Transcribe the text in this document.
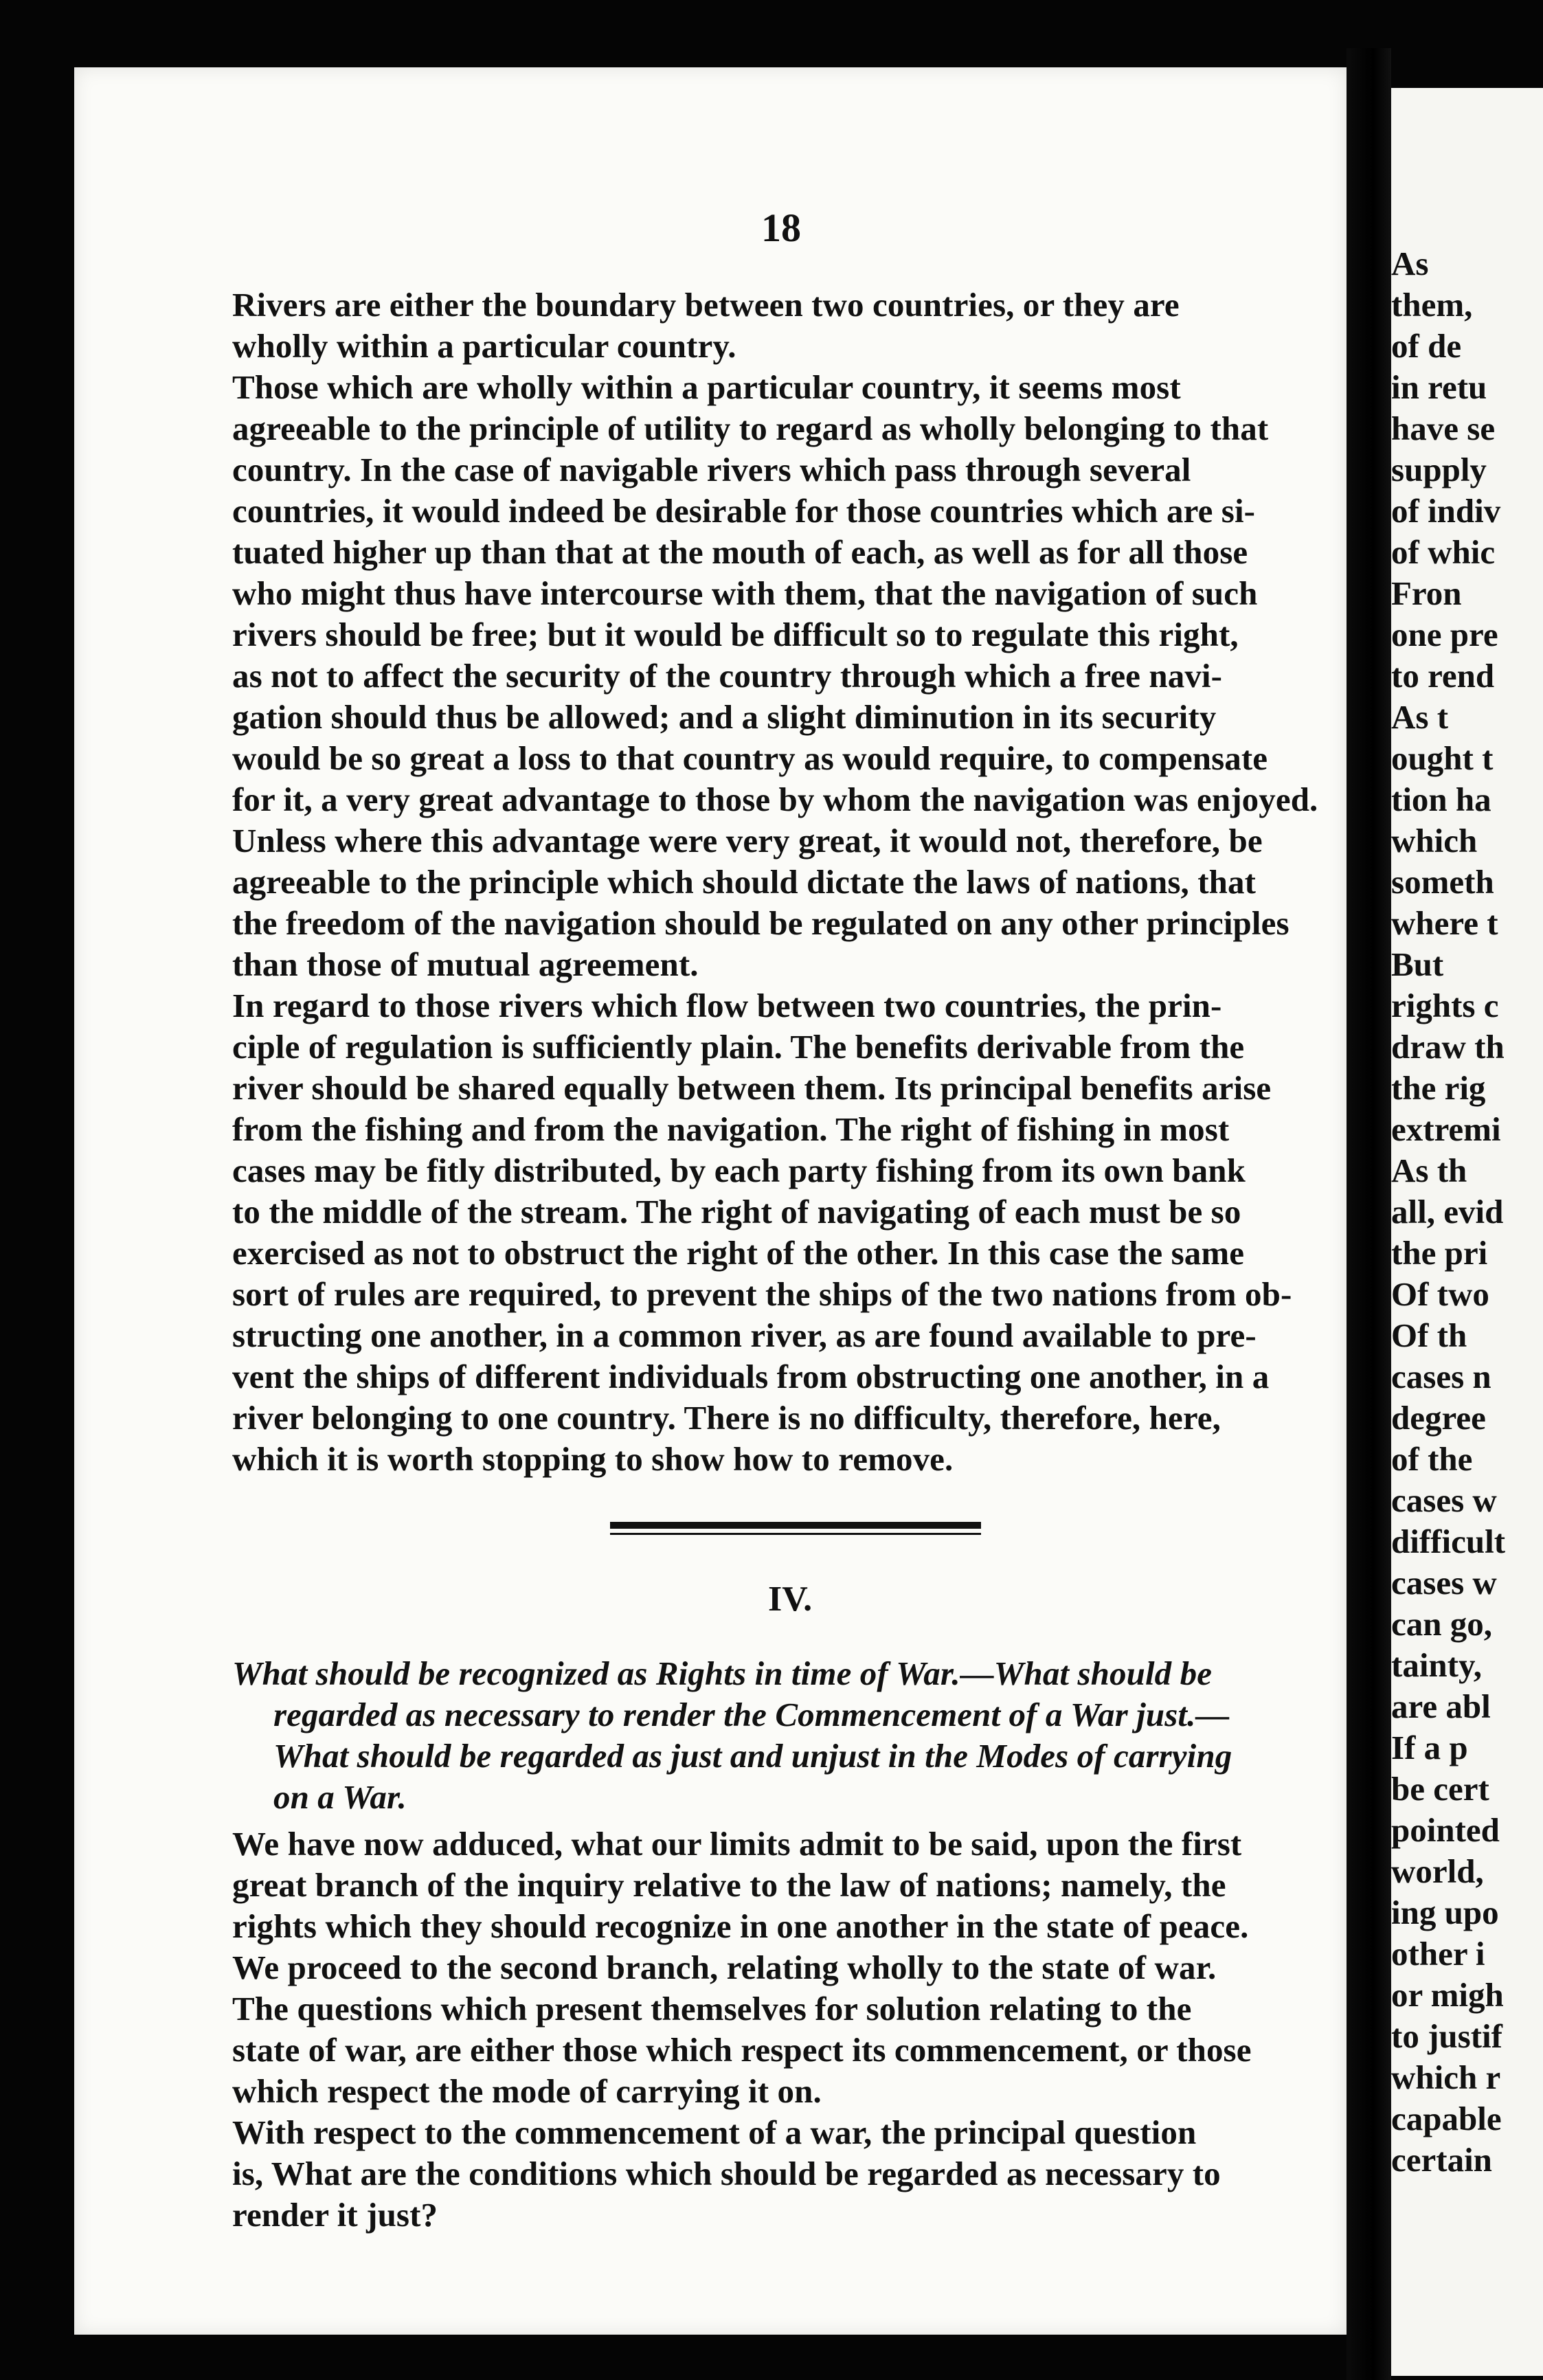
18
Rivers are either the boundary between two countries, or they are
wholly within a particular country.
Those which are wholly within a particular country, it seems most
agreeable to the principle of utility to regard as wholly belonging to that
country. In the case of navigable rivers which pass through several
countries, it would indeed be desirable for those countries which are si-
tuated higher up than that at the mouth of each, as well as for all those
who might thus have intercourse with them, that the navigation of such
rivers should be free; but it would be difficult so to regulate this right,
as not to affect the security of the country through which a free navi-
gation should thus be allowed; and a slight diminution in its security
would be so great a loss to that country as would require, to compensate
for it, a very great advantage to those by whom the navigation was enjoyed.
Unless where this advantage were very great, it would not, therefore, be
agreeable to the principle which should dictate the laws of nations, that
the freedom of the navigation should be regulated on any other principles
than those of mutual agreement.
In regard to those rivers which flow between two countries, the prin-
ciple of regulation is sufficiently plain. The benefits derivable from the
river should be shared equally between them. Its principal benefits arise
from the fishing and from the navigation. The right of fishing in most
cases may be fitly distributed, by each party fishing from its own bank
to the middle of the stream. The right of navigating of each must be so
exercised as not to obstruct the right of the other. In this case the same
sort of rules are required, to prevent the ships of the two nations from ob-
structing one another, in a common river, as are found available to pre-
vent the ships of different individuals from obstructing one another, in a
river belonging to one country. There is no difficulty, therefore, here,
which it is worth stopping to show how to remove.
What should be recognized as Rights in time of War.—What should be
regarded as necessary to render the Commencement of a War just.—
What should be regarded as just and unjust in the Modes of carrying
on a War.
We have now adduced, what our limits admit to be said, upon the first
great branch of the inquiry relative to the law of nations; namely, the
rights which they should recognize in one another in the state of peace.
We proceed to the second branch, relating wholly to the state of war.
The questions which present themselves for solution relating to the
state of war, are either those which respect its commencement, or those
which respect the mode of carrying it on.
With respect to the commencement of a war, the principal question
is, What are the conditions which should be regarded as necessary to
render it just?
IV.
As
them,
of de
in retu
have se
supply
of indiv
of whic
Fron
one pre
to rend
As t
ought t
tion ha
which
someth
where t
But
rights c
draw th
the rig
extremi
As th
all, evid
the pri
Of two
Of th
cases n
degree
of the
cases w
difficult
cases w
can go,
tainty,
are abl
If a p
be cert
pointed
world,
ing upo
other i
or migh
to justif
which r
capable
certain
